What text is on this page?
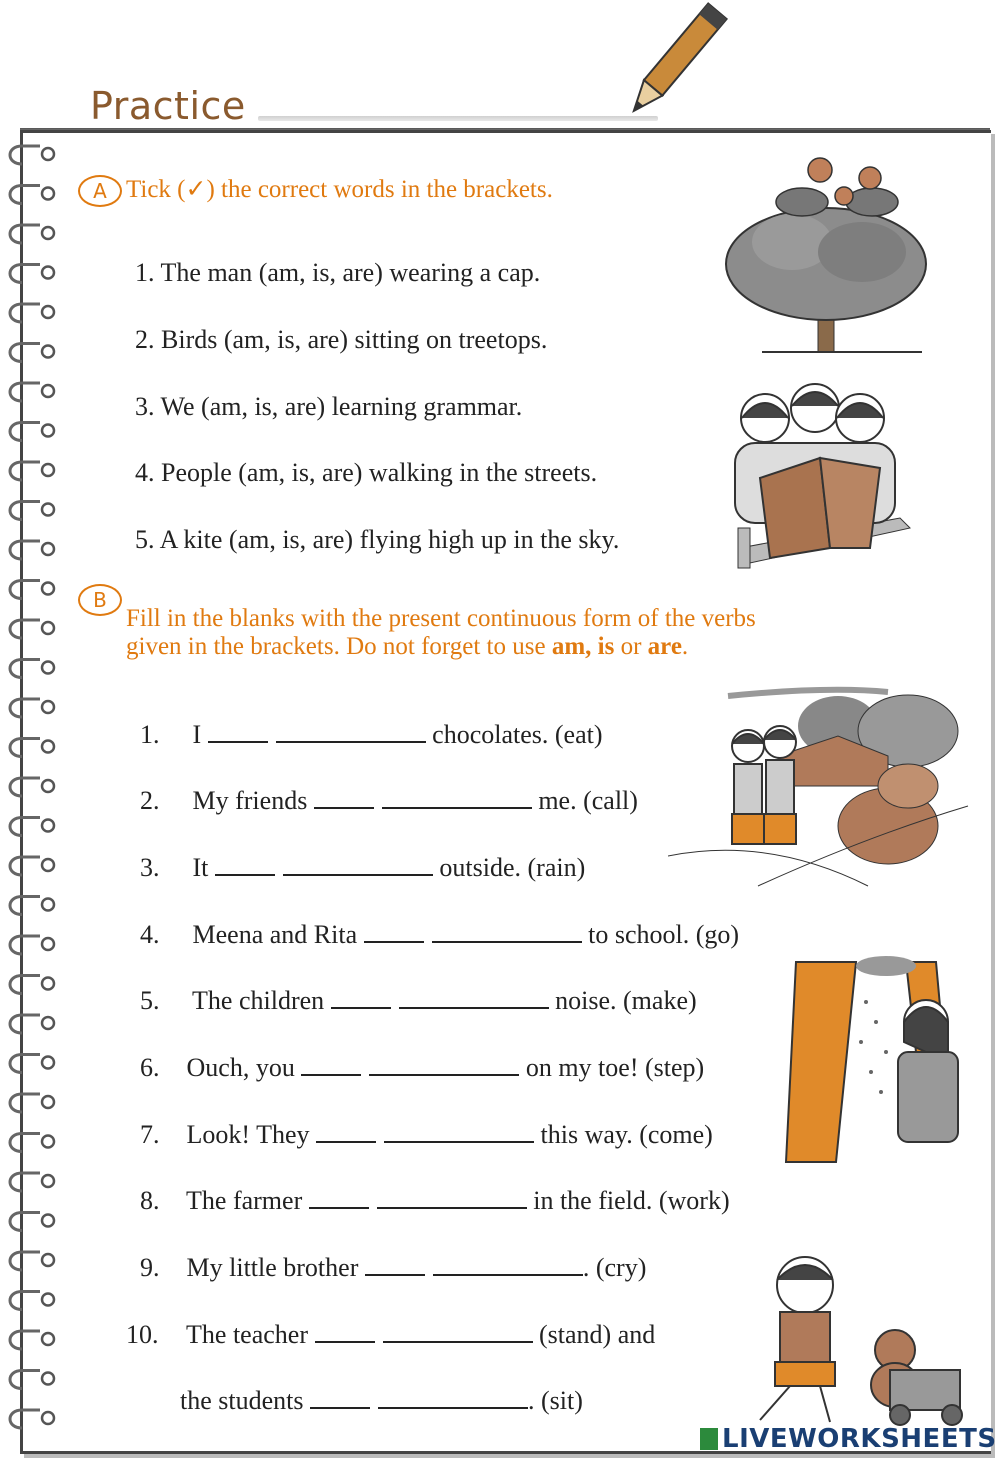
Practice
A Tick (✓) the correct words in the brackets.
1. The man (am, is, are) wearing a cap.
2. Birds (am, is, are) sitting on treetops.
3. We (am, is, are) learning grammar.
4. People (am, is, are) walking in the streets.
5. A kite (am, is, are) flying high up in the sky.
B
Fill in the blanks with the present continuous form of the verbs
given in the brackets. Do not forget to use am, is or are.
1. I	chocolates. (eat)
2. My friends	me. (call)
3. It	outside. (rain)
4. Meena and Rita	to school. (go)
5. The children	noise. (make)
6. Ouch, you	on my toe! (step)
7. Look! They	this way. (come)
8. The farmer	in the field. (work)
9. My little brother	. (cry)
10. The teacher	(stand) and
the students	. (sit)
LIVEWORKSHEETS
